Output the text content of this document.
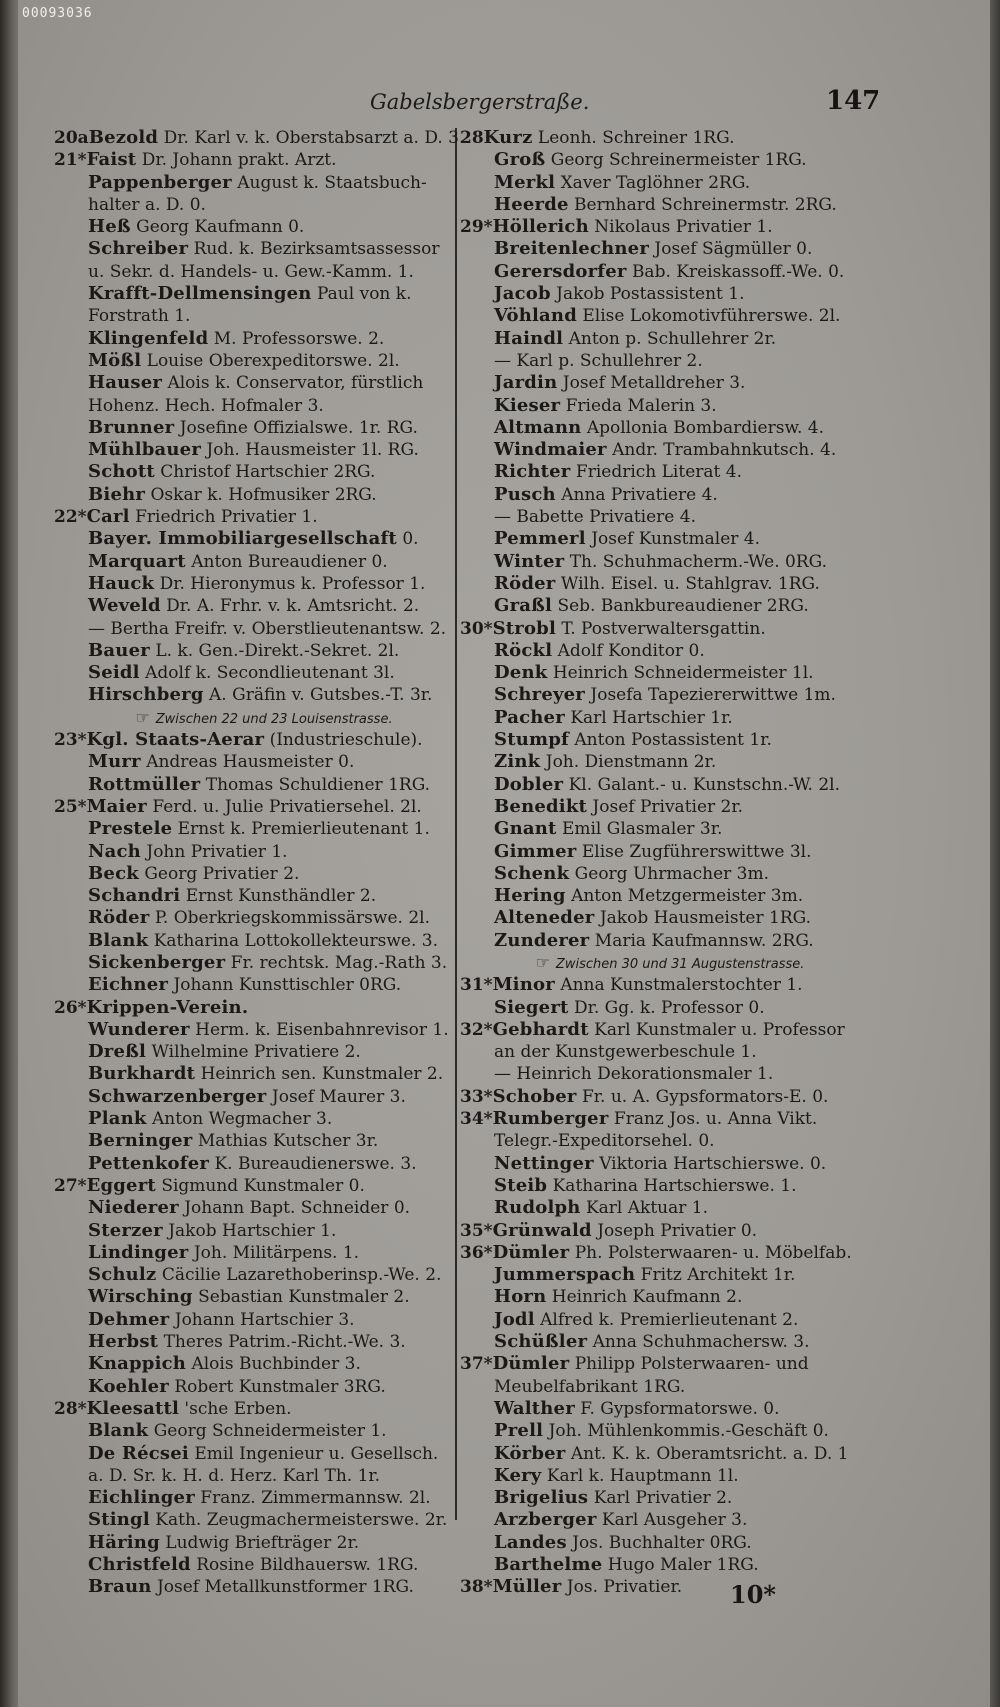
00093036
Gabelsbergerstraße.	147
20aBezold Dr. Karl v. k. Oberstabsarzt a. D. 3.
21*Faist Dr. Johann prakt. Arzt.
Pappenberger August k. Staatsbuch-
halter a. D. 0.
Heß Georg Kaufmann 0.
Schreiber Rud. k. Bezirksamtsassessor
u. Sekr. d. Handels- u. Gew.-Kamm. 1.
Krafft-Dellmensingen Paul von k.
Forstrath 1.
Klingenfeld M. Professorswe. 2.
Mößl Louise Oberexpeditorswe. 2l.
Hauser Alois k. Conservator, fürstlich
Hohenz. Hech. Hofmaler 3.
Brunner Josefine Offizialswe. 1r. RG.
Mühlbauer Joh. Hausmeister 1l. RG.
Schott Christof Hartschier 2RG.
Biehr Oskar k. Hofmusiker 2RG.
22*Carl Friedrich Privatier 1.
Bayer. Immobiliargesellschaft 0.
Marquart Anton Bureaudiener 0.
Hauck Dr. Hieronymus k. Professor 1.
Weveld Dr. A. Frhr. v. k. Amtsricht. 2.
— Bertha Freifr. v. Oberstlieutenantsw. 2.
Bauer L. k. Gen.-Direkt.-Sekret. 2l.
Seidl Adolf k. Secondlieutenant 3l.
Hirschberg A. Gräfin v. Gutsbes.-T. 3r.
☞ Zwischen 22 und 23 Louisenstrasse.
23*Kgl. Staats-Aerar (Industrieschule).
Murr Andreas Hausmeister 0.
Rottmüller Thomas Schuldiener 1RG.
25*Maier Ferd. u. Julie Privatiersehel. 2l.
Prestele Ernst k. Premierlieutenant 1.
Nach John Privatier 1.
Beck Georg Privatier 2.
Schandri Ernst Kunsthändler 2.
Röder P. Oberkriegskommissärswe. 2l.
Blank Katharina Lottokollekteurswe. 3.
Sickenberger Fr. rechtsk. Mag.-Rath 3.
Eichner Johann Kunsttischler 0RG.
26*Krippen-Verein.
Wunderer Herm. k. Eisenbahnrevisor 1.
Dreßl Wilhelmine Privatiere 2.
Burkhardt Heinrich sen. Kunstmaler 2.
Schwarzenberger Josef Maurer 3.
Plank Anton Wegmacher 3.
Berninger Mathias Kutscher 3r.
Pettenkofer K. Bureaudienerswe. 3.
27*Eggert Sigmund Kunstmaler 0.
Niederer Johann Bapt. Schneider 0.
Sterzer Jakob Hartschier 1.
Lindinger Joh. Militärpens. 1.
Schulz Cäcilie Lazarethoberinsp.-We. 2.
Wirsching Sebastian Kunstmaler 2.
Dehmer Johann Hartschier 3.
Herbst Theres Patrim.-Richt.-We. 3.
Knappich Alois Buchbinder 3.
Koehler Robert Kunstmaler 3RG.
28*Kleesattl 'sche Erben.
Blank Georg Schneidermeister 1.
De Récsei Emil Ingenieur u. Gesellsch.
a. D. Sr. k. H. d. Herz. Karl Th. 1r.
Eichlinger Franz. Zimmermannsw. 2l.
Stingl Kath. Zeugmachermeisterswe. 2r.
Häring Ludwig Briefträger 2r.
Christfeld Rosine Bildhauersw. 1RG.
Braun Josef Metallkunstformer 1RG.
28Kurz Leonh. Schreiner 1RG.
Groß Georg Schreinermeister 1RG.
Merkl Xaver Taglöhner 2RG.
Heerde Bernhard Schreinermstr. 2RG.
29*Höllerich Nikolaus Privatier 1.
Breitenlechner Josef Sägmüller 0.
Gerersdorfer Bab. Kreiskassoff.-We. 0.
Jacob Jakob Postassistent 1.
Vöhland Elise Lokomotivführerswe. 2l.
Haindl Anton p. Schullehrer 2r.
— Karl p. Schullehrer 2.
Jardin Josef Metalldreher 3.
Kieser Frieda Malerin 3.
Altmann Apollonia Bombardiersw. 4.
Windmaier Andr. Trambahnkutsch. 4.
Richter Friedrich Literat 4.
Pusch Anna Privatiere 4.
— Babette Privatiere 4.
Pemmerl Josef Kunstmaler 4.
Winter Th. Schuhmacherm.-We. 0RG.
Röder Wilh. Eisel. u. Stahlgrav. 1RG.
Graßl Seb. Bankbureaudiener 2RG.
30*Strobl T. Postverwaltersgattin.
Röckl Adolf Konditor 0.
Denk Heinrich Schneidermeister 1l.
Schreyer Josefa Tapeziererwittwe 1m.
Pacher Karl Hartschier 1r.
Stumpf Anton Postassistent 1r.
Zink Joh. Dienstmann 2r.
Dobler Kl. Galant.- u. Kunstschn.-W. 2l.
Benedikt Josef Privatier 2r.
Gnant Emil Glasmaler 3r.
Gimmer Elise Zugführerswittwe 3l.
Schenk Georg Uhrmacher 3m.
Hering Anton Metzgermeister 3m.
Alteneder Jakob Hausmeister 1RG.
Zunderer Maria Kaufmannsw. 2RG.
☞ Zwischen 30 und 31 Augustenstrasse.
31*Minor Anna Kunstmalerstochter 1.
Siegert Dr. Gg. k. Professor 0.
32*Gebhardt Karl Kunstmaler u. Professor
an der Kunstgewerbeschule 1.
— Heinrich Dekorationsmaler 1.
33*Schober Fr. u. A. Gypsformators-E. 0.
34*Rumberger Franz Jos. u. Anna Vikt.
Telegr.-Expeditorsehel. 0.
Nettinger Viktoria Hartschierswe. 0.
Steib Katharina Hartschierswe. 1.
Rudolph Karl Aktuar 1.
35*Grünwald Joseph Privatier 0.
36*Dümler Ph. Polsterwaaren- u. Möbelfab.
Jummerspach Fritz Architekt 1r.
Horn Heinrich Kaufmann 2.
Jodl Alfred k. Premierlieutenant 2.
Schüßler Anna Schuhmachersw. 3.
37*Dümler Philipp Polsterwaaren- und
Meubelfabrikant 1RG.
Walther F. Gypsformatorswe. 0.
Prell Joh. Mühlenkommis.-Geschäft 0.
Körber Ant. K. k. Oberamtsricht. a. D. 1
Kery Karl k. Hauptmann 1l.
Brigelius Karl Privatier 2.
Arzberger Karl Ausgeher 3.
Landes Jos. Buchhalter 0RG.
Barthelme Hugo Maler 1RG.
38*Müller Jos. Privatier.	10*
